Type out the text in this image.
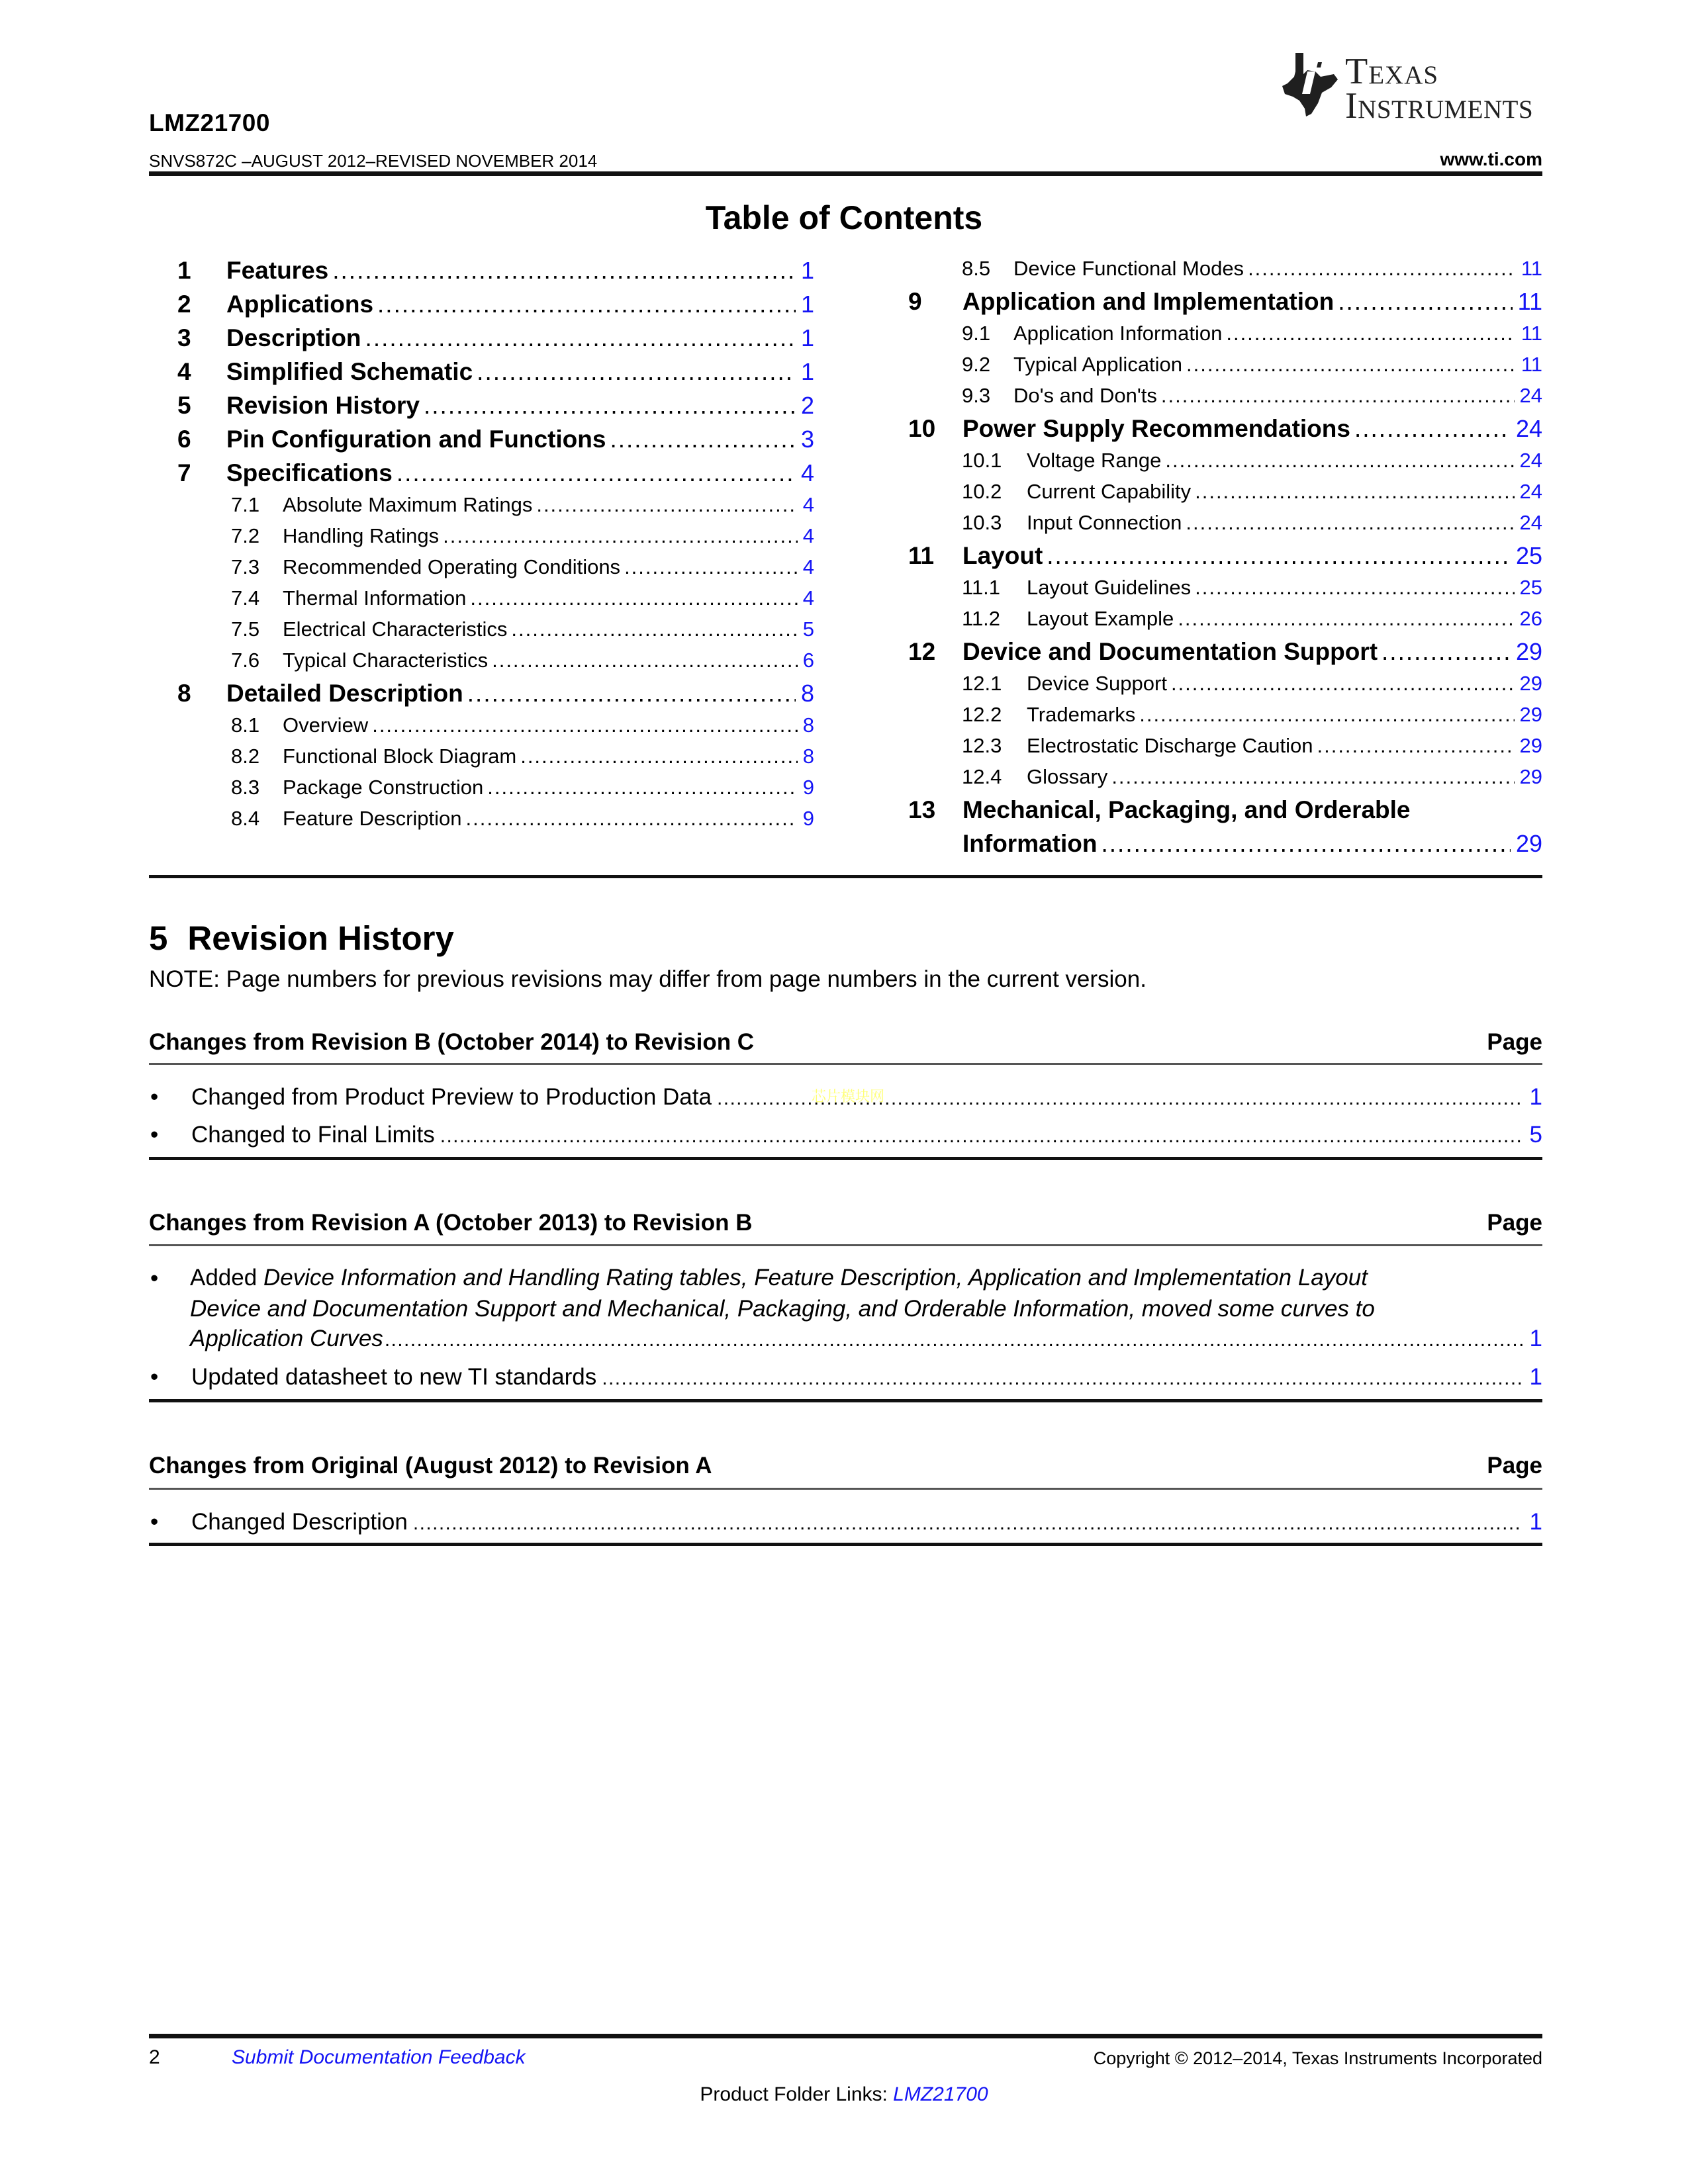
Texas
Instruments
LMZ21700
SNVS872C –AUGUST 2012–REVISED NOVEMBER 2014	www.ti.com
Table of Contents
1	Features .....	1
2	Applications .....	1
3	Description .....	1
4	Simplified Schematic .....	1
5	Revision History .....	2
6	Pin Configuration and Functions .....	3
7	Specifications .....	4
7.1	Absolute Maximum Ratings .....	4
7.2	Handling Ratings .....	4
7.3	Recommended Operating Conditions .....	4
7.4	Thermal Information .....	4
7.5	Electrical Characteristics .....	5
7.6	Typical Characteristics .....	6
8	Detailed Description .....	8
8.1	Overview .....	8
8.2	Functional Block Diagram .....	8
8.3	Package Construction .....	9
8.4	Feature Description .....	9
8.5	Device Functional Modes .....	11
9	Application and Implementation .....	11
9.1	Application Information .....	11
9.2	Typical Application .....	11
9.3	Do's and Don'ts .....	24
10	Power Supply Recommendations .....	24
10.1	Voltage Range .....	24
10.2	Current Capability .....	24
10.3	Input Connection .....	24
11	Layout .....	25
11.1	Layout Guidelines .....	25
11.2	Layout Example .....	26
12	Device and Documentation Support .....	29
12.1	Device Support .....	29
12.2	Trademarks .....	29
12.3	Electrostatic Discharge Caution .....	29
12.4	Glossary .....	29
13 Mechanical, Packaging, and Orderable
Information .....	29
5 Revision History
NOTE: Page numbers for previous revisions may differ from page numbers in the current version.
Changes from Revision B (October 2014) to Revision C	Page
•	Changed from Product Preview to Production Data .....	1
芯片模块网
•	Changed to Final Limits .....	5
Changes from Revision A (October 2013) to Revision B	Page
• Added Device Information and Handling Rating tables, Feature Description, Application and Implementation Layout
Device and Documentation Support and Mechanical, Packaging, and Orderable Information, moved some curves to
Application Curves .....	1
•	Updated datasheet to new TI standards .....	1
Changes from Original (August 2012) to Revision A	Page
•	Changed Description .....	1
2	Submit Documentation Feedback	Copyright © 2012–2014, Texas Instruments Incorporated
Product Folder Links: LMZ21700
